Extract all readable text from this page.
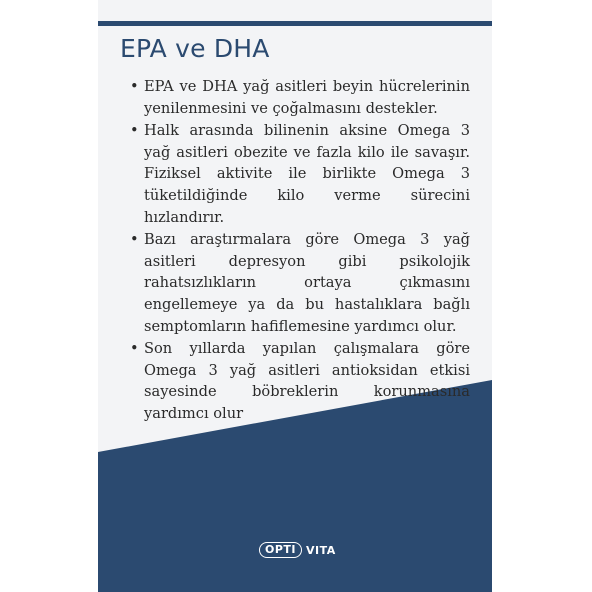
EPA ve DHA
• EPA ve DHA yağ asitleri beyin hücrelerinin yenilenmesini ve çoğalmasını destekler.
• Halk arasında bilinenin aksine Omega 3 yağ asitleri obezite ve fazla kilo ile savaşır. Fiziksel aktivite ile birlikte Omega 3 tüketildiğinde kilo verme sürecini hızlandırır.
• Bazı araştırmalara göre Omega 3 yağ asitleri depresyon gibi psikolojik rahatsızlıkların ortaya çıkmasını engellemeye ya da bu hastalıklara bağlı semptomların hafiflemesine yardımcı olur.
• Son yıllarda yapılan çalışmalara göre Omega 3 yağ asitleri antioksidan etkisi sayesinde böbreklerin korunmasına yardımcı olur
OPTI VITA
